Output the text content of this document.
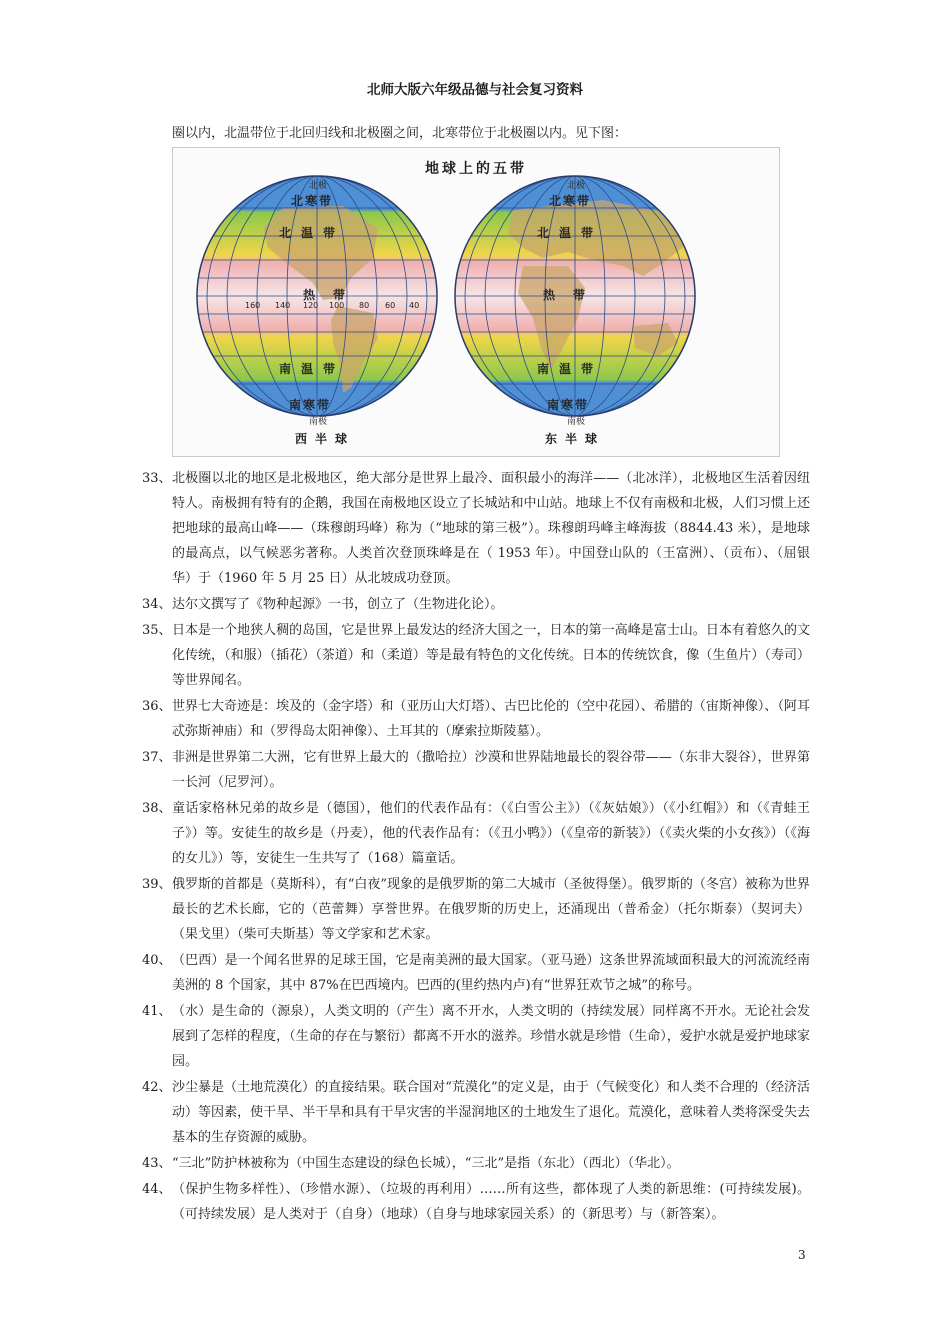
北师大版六年级品德与社会复习资料
圈以内，北温带位于北回归线和北极圈之间，北寒带位于北极圈以内。见下图：
160 140 120 100 80 60 40
地球上的五带
北极
北寒带
北温带
热带
南温带
南寒带
南极
西半球
北极
北寒带
北温带
热带
南温带
南寒带
南极
东半球
33、 北极圈以北的地区是北极地区，绝大部分是世界上最冷、面积最小的海洋——（北冰洋），北极地区生活着因纽特人。南极拥有特有的企鹅，我国在南极地区设立了长城站和中山站。地球上不仅有南极和北极，人们习惯上还把地球的最高山峰——（珠穆朗玛峰）称为（“地球的第三极”）。珠穆朗玛峰主峰海拔（8844.43 米），是地球的最高点，以气候恶劣著称。人类首次登顶珠峰是在（ 1953 年）。中国登山队的（王富洲）、（贡布）、（屈银华）于（1960 年 5 月 25 日）从北坡成功登顶。
34、 达尔文撰写了《物种起源》一书，创立了（生物进化论）。
35、 日本是一个地狭人稠的岛国，它是世界上最发达的经济大国之一，日本的第一高峰是富士山。日本有着悠久的文化传统，（和服）（插花）（茶道）和（柔道）等是最有特色的文化传统。日本的传统饮食，像（生鱼片）（寿司）等世界闻名。
36、 世界七大奇迹是：埃及的（金字塔）和（亚历山大灯塔）、古巴比伦的（空中花园）、希腊的（宙斯神像）、（阿耳忒弥斯神庙）和（罗得岛太阳神像）、土耳其的（摩索拉斯陵墓）。
37、 非洲是世界第二大洲，它有世界上最大的（撒哈拉）沙漠和世界陆地最长的裂谷带——（东非大裂谷），世界第一长河（尼罗河）。
38、 童话家格林兄弟的故乡是（德国），他们的代表作品有：（《白雪公主》）（《灰姑娘》）（《小红帽》）和（《青蛙王子》）等。安徒生的故乡是（丹麦），他的代表作品有：（《丑小鸭》）（《皇帝的新装》）（《卖火柴的小女孩》）（《海的女儿》）等，安徒生一生共写了（168）篇童话。
39、 俄罗斯的首都是（莫斯科），有“白夜”现象的是俄罗斯的第二大城市（圣彼得堡）。俄罗斯的（冬宫）被称为世界最长的艺术长廊，它的（芭蕾舞）享誉世界。在俄罗斯的历史上，还涌现出（普希金）（托尔斯泰）（契诃夫）（果戈里）（柴可夫斯基）等文学家和艺术家。
40、 （巴西）是一个闻名世界的足球王国，它是南美洲的最大国家。（亚马逊）这条世界流域面积最大的河流流经南美洲的 8 个国家，其中 87%在巴西境内。巴西的(里约热内卢)有“世界狂欢节之城”的称号。
41、 （水）是生命的（源泉），人类文明的（产生）离不开水，人类文明的（持续发展）同样离不开水。无论社会发展到了怎样的程度，（生命的存在与繁衍）都离不开水的滋养。珍惜水就是珍惜（生命），爱护水就是爱护地球家园。
42、 沙尘暴是（土地荒漠化）的直接结果。联合国对“荒漠化”的定义是，由于（气候变化）和人类不合理的（经济活动）等因素，使干旱、半干旱和具有干旱灾害的半湿润地区的土地发生了退化。荒漠化，意味着人类将深受失去基本的生存资源的威胁。
43、 “三北”防护林被称为（中国生态建设的绿色长城），“三北”是指（东北）（西北）（华北）。
44、 （保护生物多样性）、（珍惜水源）、（垃圾的再利用）……所有这些，都体现了人类的新思维：(可持续发展)。（可持续发展）是人类对于（自身）（地球）（自身与地球家园关系）的（新思考）与（新答案）。
3
